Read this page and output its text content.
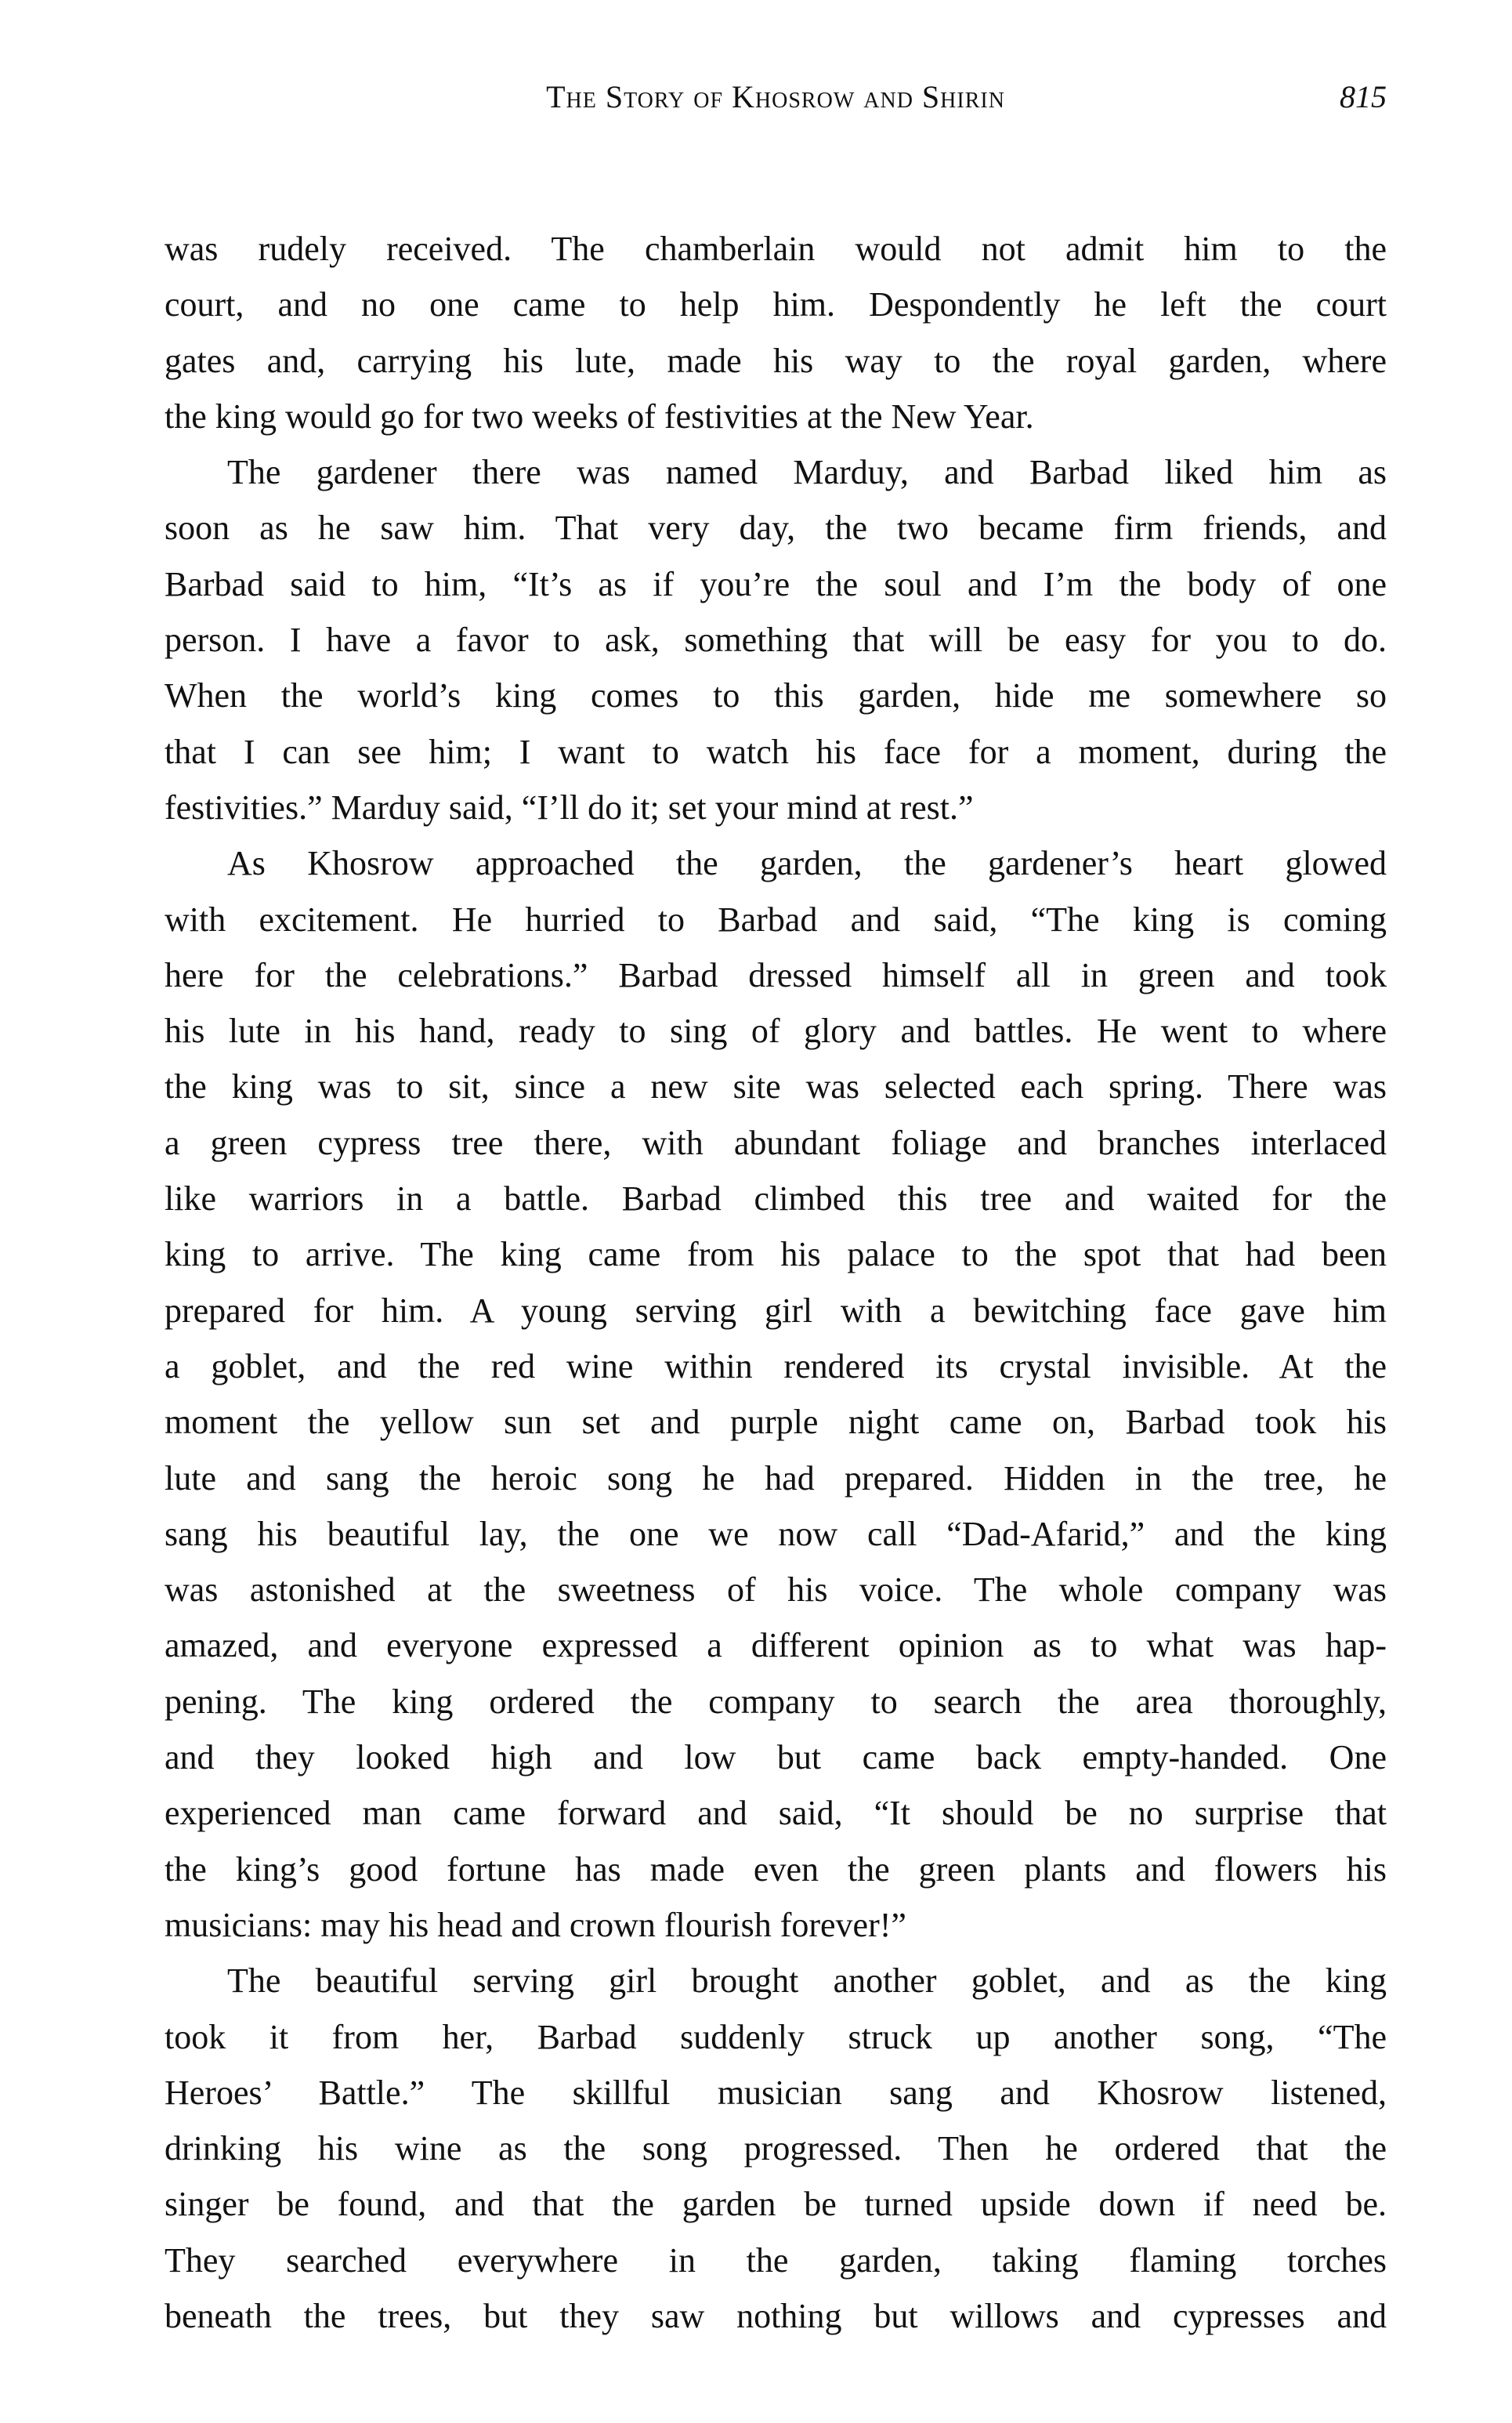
The Story of Khosrow and Shirin	815
was rudely received. The chamberlain would not admit him to the
court, and no one came to help him. Despondently he left the court
gates and, carrying his lute, made his way to the royal garden, where
the king would go for two weeks of festivities at the New Year.
The gardener there was named Marduy, and Barbad liked him as
soon as he saw him. That very day, the two became firm friends, and
Barbad said to him, “It’s as if you’re the soul and I’m the body of one
person. I have a favor to ask, something that will be easy for you to do.
When the world’s king comes to this garden, hide me somewhere so
that I can see him; I want to watch his face for a moment, during the
festivities.” Marduy said, “I’ll do it; set your mind at rest.”
As Khosrow approached the garden, the gardener’s heart glowed
with excitement. He hurried to Barbad and said, “The king is coming
here for the celebrations.” Barbad dressed himself all in green and took
his lute in his hand, ready to sing of glory and battles. He went to where
the king was to sit, since a new site was selected each spring. There was
a green cypress tree there, with abundant foliage and branches interlaced
like warriors in a battle. Barbad climbed this tree and waited for the
king to arrive. The king came from his palace to the spot that had been
prepared for him. A young serving girl with a bewitching face gave him
a goblet, and the red wine within rendered its crystal invisible. At the
moment the yellow sun set and purple night came on, Barbad took his
lute and sang the heroic song he had prepared. Hidden in the tree, he
sang his beautiful lay, the one we now call “Dad-Afarid,” and the king
was astonished at the sweetness of his voice. The whole company was
amazed, and everyone expressed a different opinion as to what was hap-
pening. The king ordered the company to search the area thoroughly,
and they looked high and low but came back empty-handed. One
experienced man came forward and said, “It should be no surprise that
the king’s good fortune has made even the green plants and flowers his
musicians: may his head and crown flourish forever!”
The beautiful serving girl brought another goblet, and as the king
took it from her, Barbad suddenly struck up another song, “The
Heroes’ Battle.” The skillful musician sang and Khosrow listened,
drinking his wine as the song progressed. Then he ordered that the
singer be found, and that the garden be turned upside down if need be.
They searched everywhere in the garden, taking flaming torches
beneath the trees, but they saw nothing but willows and cypresses and
